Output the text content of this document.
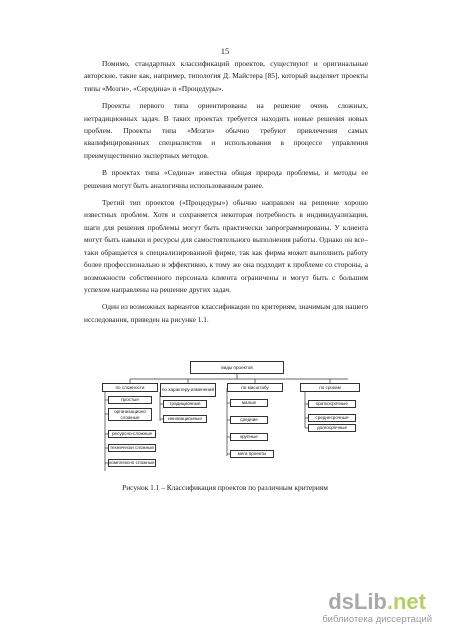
15

Помимо, стандартных классификаций проектов, существуют и оригинальные авторские, такие как, например, типология Д. Майстера [85], который выделяет проекты типы «Мозги», «Середина» и «Процедуры».

Проекты первого типа ориентированы на решение очень сложных, нетрадиционных задач. В таких проектах требуется находить новые решения новых проблем. Проекты типа «Мозги» обычно требуют привлечения самых квалифицированных специалистов и использования в процессе управления преимущественно экспертных методов.

В проектах типа «Седина» известна общая природа проблемы, и методы ее решения могут быть аналогичны использованным ранее.

Третий тип проектов («Процедуры») обычно направлен на решение хорошо известных проблем. Хотя и сохраняется некоторая потребность в индивидуализации, шаги для решения проблемы могут быть практически запрограммированы. У клиента могут быть навыки и ресурсы для самостоятельного выполнения работы. Однако он все–таки обращается к специализированной фирме, так как фирма может выполнить работу более профессионально и эффективно, к тому же она подходит к проблеме со стороны, а возможности собственного персонала клиента ограничены и могут быть с большим успехом направлены на решение других задач.

Один из возможных вариантов классификации по критериям, значимым для нашего исследования, приведен на рисунке 1.1.

виды проектов
по сложности	по характеру изменений	по масштабу	по срокам
простые
организационо сложные
ресурсно-сложные
технически сложные
комплексно сложные
традиционные
инновационные
малые
средние
крупные
мега проекты
краткосрочные
среднесрочные
долгосрочные
Рисунок 1.1 – Классификация проектов по различным критериям
dsLib.net
библиотека диссертаций
